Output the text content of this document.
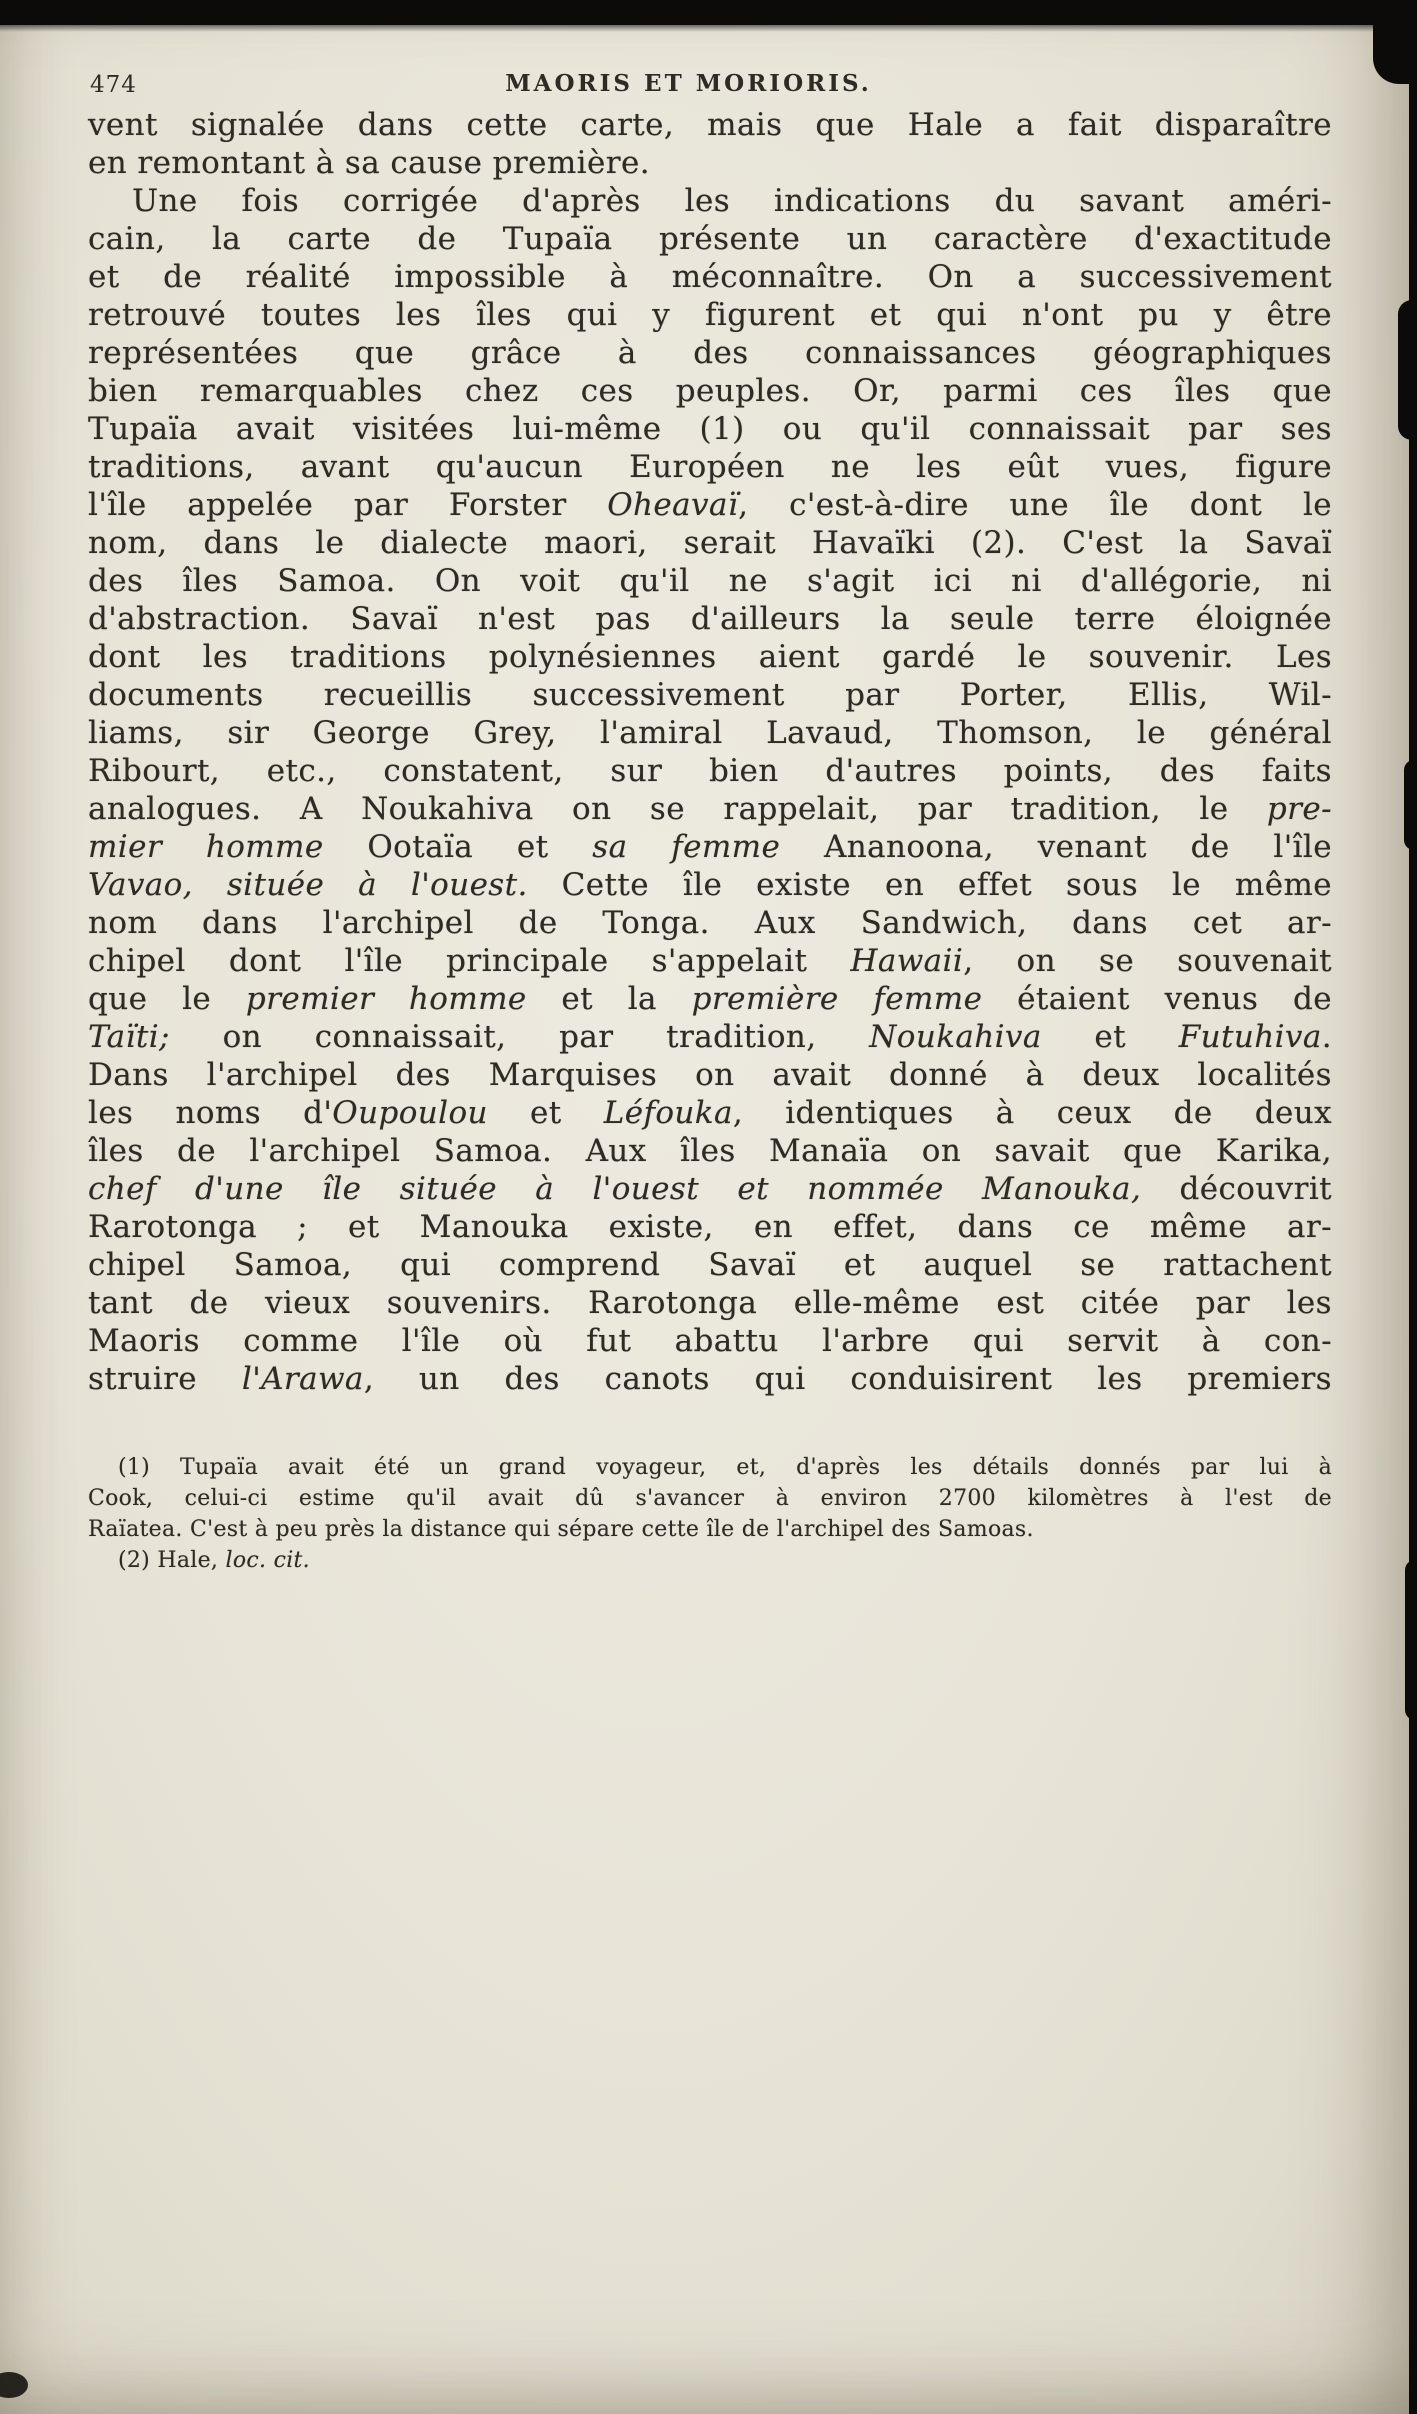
474	MAORIS ET MORIORIS.
vent signalée dans cette carte, mais que Hale a fait disparaître
en remontant à sa cause première.
Une fois corrigée d'après les indications du savant améri-
cain, la carte de Tupaïa présente un caractère d'exactitude
et de réalité impossible à méconnaître. On a successivement
retrouvé toutes les îles qui y figurent et qui n'ont pu y être
représentées que grâce à des connaissances géographiques
bien remarquables chez ces peuples. Or, parmi ces îles que
Tupaïa avait visitées lui-même (1) ou qu'il connaissait par ses
traditions, avant qu'aucun Européen ne les eût vues, figure
l'île appelée par Forster Oheavaï, c'est-à-dire une île dont le
nom, dans le dialecte maori, serait Havaïki (2). C'est la Savaï
des îles Samoa. On voit qu'il ne s'agit ici ni d'allégorie, ni
d'abstraction. Savaï n'est pas d'ailleurs la seule terre éloignée
dont les traditions polynésiennes aient gardé le souvenir. Les
documents recueillis successivement par Porter, Ellis, Wil-
liams, sir George Grey, l'amiral Lavaud, Thomson, le général
Ribourt, etc., constatent, sur bien d'autres points, des faits
analogues. A Noukahiva on se rappelait, par tradition, le pre-
mier homme Ootaïa et sa femme Ananoona, venant de l'île
Vavao, située à l'ouest. Cette île existe en effet sous le même
nom dans l'archipel de Tonga. Aux Sandwich, dans cet ar-
chipel dont l'île principale s'appelait Hawaii, on se souvenait
que le premier homme et la première femme étaient venus de
Taïti; on connaissait, par tradition, Noukahiva et Futuhiva.
Dans l'archipel des Marquises on avait donné à deux localités
les noms d'Oupoulou et Léfouka, identiques à ceux de deux
îles de l'archipel Samoa. Aux îles Manaïa on savait que Karika,
chef d'une île située à l'ouest et nommée Manouka, découvrit
Rarotonga ; et Manouka existe, en effet, dans ce même ar-
chipel Samoa, qui comprend Savaï et auquel se rattachent
tant de vieux souvenirs. Rarotonga elle-même est citée par les
Maoris comme l'île où fut abattu l'arbre qui servit à con-
struire l'Arawa, un des canots qui conduisirent les premiers
(1) Tupaïa avait été un grand voyageur, et, d'après les détails donnés par lui à
Cook, celui-ci estime qu'il avait dû s'avancer à environ 2700 kilomètres à l'est de
Raïatea. C'est à peu près la distance qui sépare cette île de l'archipel des Samoas.
(2) Hale, loc. cit.
